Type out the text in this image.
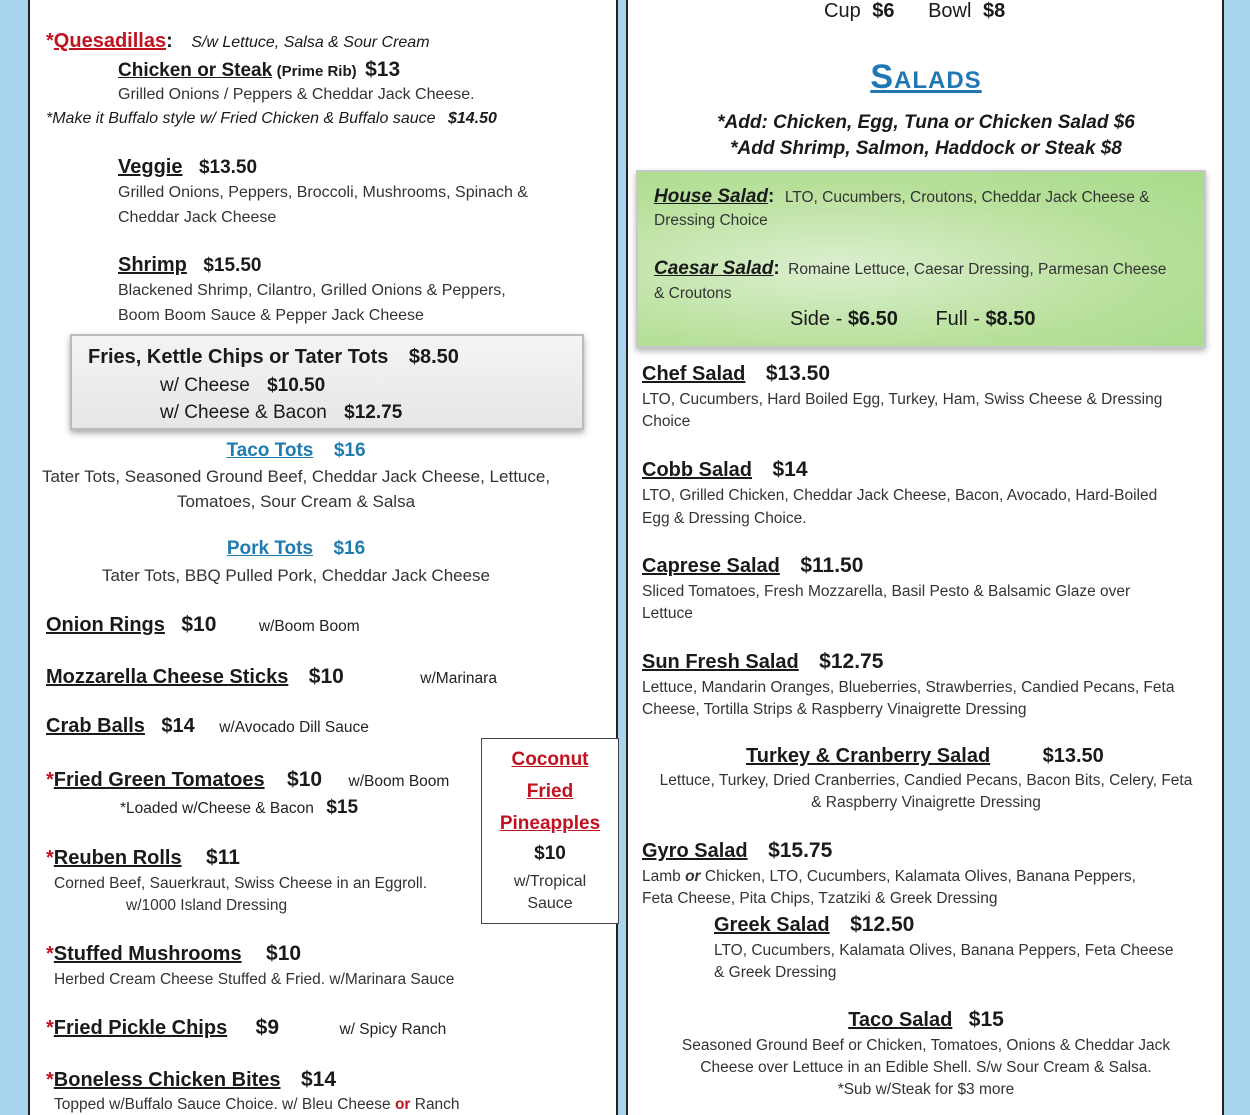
*Quesadillas: S/w Lettuce, Salsa & Sour Cream
Chicken or Steak (Prime Rib) $13
Grilled Onions / Peppers & Cheddar Jack Cheese.
*Make it Buffalo style w/ Fried Chicken & Buffalo sauce $14.50
Veggie $13.50
Grilled Onions, Peppers, Broccoli, Mushrooms, Spinach &
Cheddar Jack Cheese
Shrimp $15.50
Blackened Shrimp, Cilantro, Grilled Onions & Peppers,
Boom Boom Sauce & Pepper Jack Cheese
Fries, Kettle Chips or Tater Tots $8.50
w/ Cheese $10.50
w/ Cheese & Bacon $12.75
Taco Tots $16
Tater Tots, Seasoned Ground Beef, Cheddar Jack Cheese, Lettuce,
Tomatoes, Sour Cream & Salsa
Pork Tots $16
Tater Tots, BBQ Pulled Pork, Cheddar Jack Cheese
Onion Rings $10	w/Boom Boom
Mozzarella Cheese Sticks $10	w/Marinara
Crab Balls $14 w/Avocado Dill Sauce
*Fried Green Tomatoes $10 w/Boom Boom
*Loaded w/Cheese & Bacon $15
*Reuben Rolls $11
Corned Beef, Sauerkraut, Swiss Cheese in an Eggroll.
w/1000 Island Dressing
*Stuffed Mushrooms $10
Herbed Cream Cheese Stuffed & Fried. w/Marinara Sauce
*Fried Pickle Chips $9	w/ Spicy Ranch
*Boneless Chicken Bites $14
Topped w/Buffalo Sauce Choice. w/ Bleu Cheese or Ranch
Coconut
Fried
Pineapples
$10
w/Tropical
Sauce
Cup $6 Bowl $8
Salads
*Add: Chicken, Egg, Tuna or Chicken Salad $6
*Add Shrimp, Salmon, Haddock or Steak $8
House Salad: LTO, Cucumbers, Croutons, Cheddar Jack Cheese &
Dressing Choice
Caesar Salad: Romaine Lettuce, Caesar Dressing, Parmesan Cheese
& Croutons
Side - $6.50 Full - $8.50
Chef Salad $13.50
LTO, Cucumbers, Hard Boiled Egg, Turkey, Ham, Swiss Cheese & Dressing
Choice
Cobb Salad $14
LTO, Grilled Chicken, Cheddar Jack Cheese, Bacon, Avocado, Hard-Boiled
Egg & Dressing Choice.
Caprese Salad $11.50
Sliced Tomatoes, Fresh Mozzarella, Basil Pesto & Balsamic Glaze over
Lettuce
Sun Fresh Salad $12.75
Lettuce, Mandarin Oranges, Blueberries, Strawberries, Candied Pecans, Feta
Cheese, Tortilla Strips & Raspberry Vinaigrette Dressing
Turkey & Cranberry Salad	$13.50
Lettuce, Turkey, Dried Cranberries, Candied Pecans, Bacon Bits, Celery, Feta
& Raspberry Vinaigrette Dressing
Gyro Salad $15.75
Lamb or Chicken, LTO, Cucumbers, Kalamata Olives, Banana Peppers,
Feta Cheese, Pita Chips, Tzatziki & Greek Dressing
Greek Salad $12.50
LTO, Cucumbers, Kalamata Olives, Banana Peppers, Feta Cheese
& Greek Dressing
Taco Salad $15
Seasoned Ground Beef or Chicken, Tomatoes, Onions & Cheddar Jack
Cheese over Lettuce in an Edible Shell. S/w Sour Cream & Salsa.
*Sub w/Steak for $3 more
